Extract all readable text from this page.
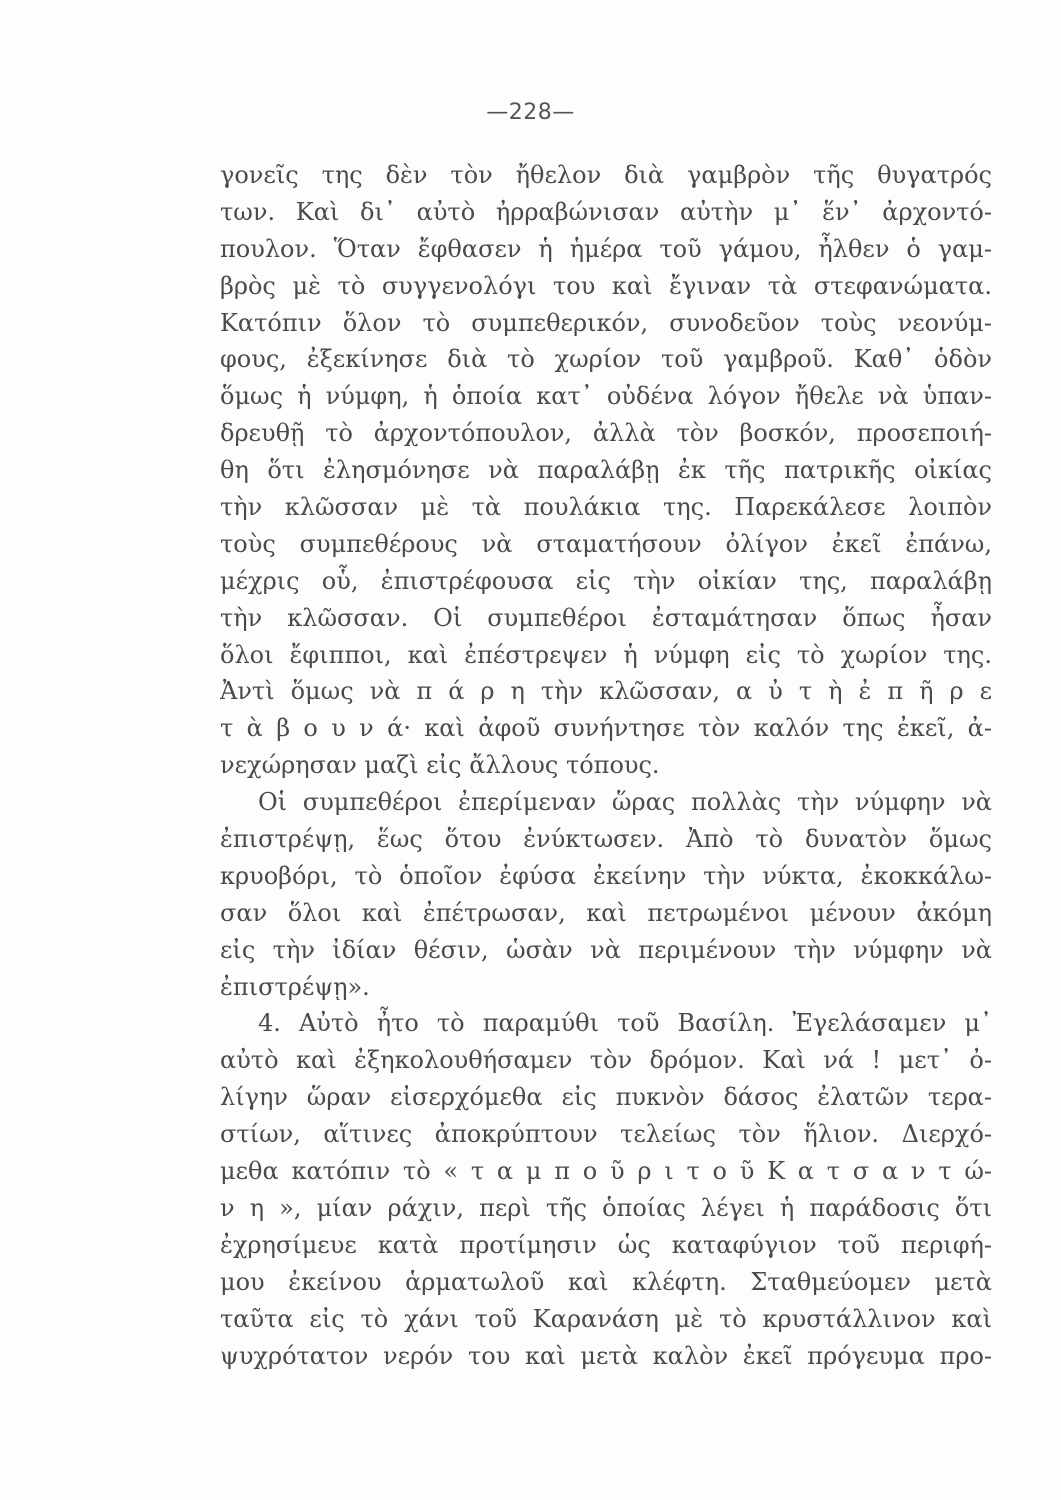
—228—
γονεῖς της δὲν τὸν ἤθελον διὰ γαμβρὸν τῆς θυγατρός
των. Καὶ δι᾽ αὐτὸ ἠρραβώνισαν αὐτὴν μ᾽ ἕν᾽ ἀρχοντό-
πουλον. Ὅταν ἔφθασεν ἡ ἡμέρα τοῦ γάμου, ἦλθεν ὁ γαμ-
βρὸς μὲ τὸ συγγενολόγι του καὶ ἔγιναν τὰ στεφανώματα.
Κατόπιν ὅλον τὸ συμπεθερικόν, συνοδεῦον τοὺς νεονύμ-
φους, ἐξεκίνησε διὰ τὸ χωρίον τοῦ γαμβροῦ. Καθ᾽ ὁδὸν
ὅμως ἡ νύμφη, ἡ ὁποία κατ᾽ οὐδένα λόγον ἤθελε νὰ ὑπαν-
δρευθῇ τὸ ἀρχοντόπουλον, ἀλλὰ τὸν βοσκόν, προσεποιή-
θη ὅτι ἐλησμόνησε νὰ παραλάβῃ ἐκ τῆς πατρικῆς οἰκίας
τὴν κλῶσσαν μὲ τὰ πουλάκια της. Παρεκάλεσε λοιπὸν
τοὺς συμπεθέρους νὰ σταματήσουν ὀλίγον ἐκεῖ ἐπάνω,
μέχρις οὗ, ἐπιστρέφουσα εἰς τὴν οἰκίαν της, παραλάβῃ
τὴν κλῶσσαν. Οἱ συμπεθέροι ἐσταμάτησαν ὅπως ἦσαν
ὅλοι ἔφιπποι, καὶ ἐπέστρεψεν ἡ νύμφη εἰς τὸ χωρίον της.
Ἀντὶ ὅμως νὰ π ά ρ η τὴν κλῶσσαν, α ὐ τ ὴ ἐ π ῆ ρ ε
τ ὰ β ο υ ν ά· καὶ ἀφοῦ συνήντησε τὸν καλόν της ἐκεῖ, ἀ-
νεχώρησαν μαζὶ εἰς ἄλλους τόπους.
Οἱ συμπεθέροι ἐπερίμεναν ὥρας πολλὰς τὴν νύμφην νὰ
ἐπιστρέψῃ, ἕως ὅτου ἐνύκτωσεν. Ἀπὸ τὸ δυνατὸν ὅμως
κρυοβόρι, τὸ ὁποῖον ἐφύσα ἐκείνην τὴν νύκτα, ἐκοκκάλω-
σαν ὅλοι καὶ ἐπέτρωσαν, καὶ πετρωμένοι μένουν ἀκόμη
εἰς τὴν ἰδίαν θέσιν, ὡσὰν νὰ περιμένουν τὴν νύμφην νὰ
ἐπιστρέψῃ».
4. Αὐτὸ ἦτο τὸ παραμύθι τοῦ Βασίλη. Ἐγελάσαμεν μ᾽
αὐτὸ καὶ ἐξηκολουθήσαμεν τὸν δρόμον. Καὶ νά ! μετ᾽ ὀ-
λίγην ὥραν εἰσερχόμεθα εἰς πυκνὸν δάσος ἐλατῶν τερα-
στίων, αἵτινες ἀποκρύπτουν τελείως τὸν ἥλιον. Διερχό-
μεθα κατόπιν τὸ « τ α μ π ο ῦ ρ ι τ ο ῦ Κ α τ σ α ν τ ώ-
ν η », μίαν ράχιν, περὶ τῆς ὁποίας λέγει ἡ παράδοσις ὅτι
ἐχρησίμευε κατὰ προτίμησιν ὡς καταφύγιον τοῦ περιφή-
μου ἐκείνου ἁρματωλοῦ καὶ κλέφτη. Σταθμεύομεν μετὰ
ταῦτα εἰς τὸ χάνι τοῦ Καρανάση μὲ τὸ κρυστάλλινον καὶ
ψυχρότατον νερόν του καὶ μετὰ καλὸν ἐκεῖ πρόγευμα προ-
